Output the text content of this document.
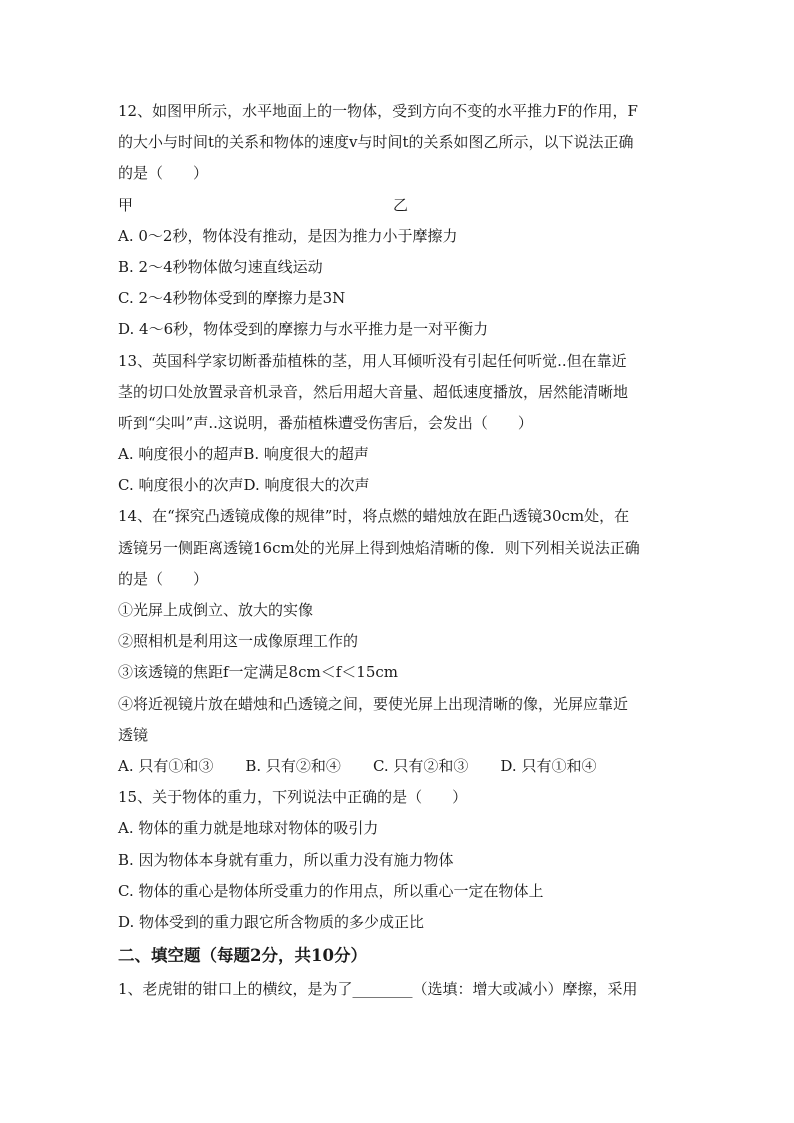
12、如图甲所示，水平地面上的一物体，受到方向不变的水平推力F的作用，F
的大小与时间t的关系和物体的速度v与时间t的关系如图乙所示，以下说法正确
的是（　　）
甲	乙
A. 0～2秒，物体没有推动，是因为推力小于摩擦力
B. 2～4秒物体做匀速直线运动
C. 2～4秒物体受到的摩擦力是3N
D. 4～6秒，物体受到的摩擦力与水平推力是一对平衡力
13、英国科学家切断番茄植株的茎，用人耳倾听没有引起任何听觉..但在靠近
茎的切口处放置录音机录音，然后用超大音量、超低速度播放，居然能清晰地
听到“尖叫”声..这说明，番茄植株遭受伤害后，会发出（　　）
A. 响度很小的超声B. 响度很大的超声
C. 响度很小的次声D. 响度很大的次声
14、在“探究凸透镜成像的规律”时，将点燃的蜡烛放在距凸透镜30cm处，在
透镜另一侧距离透镜16cm处的光屏上得到烛焰清晰的像．则下列相关说法正确
的是（　　）
①光屏上成倒立、放大的实像
②照相机是利用这一成像原理工作的
③该透镜的焦距f一定满足8cm＜f＜15cm
④将近视镜片放在蜡烛和凸透镜之间，要使光屏上出现清晰的像，光屏应靠近
透镜
A. 只有①和③ B. 只有②和④ C. 只有②和③ D. 只有①和④
15、关于物体的重力，下列说法中正确的是（　　）
A. 物体的重力就是地球对物体的吸引力
B. 因为物体本身就有重力，所以重力没有施力物体
C. 物体的重心是物体所受重力的作用点，所以重心一定在物体上
D. 物体受到的重力跟它所含物质的多少成正比
二、填空题（每题2分，共10分）
1、老虎钳的钳口上的横纹，是为了________（选填：增大或减小）摩擦，采用
